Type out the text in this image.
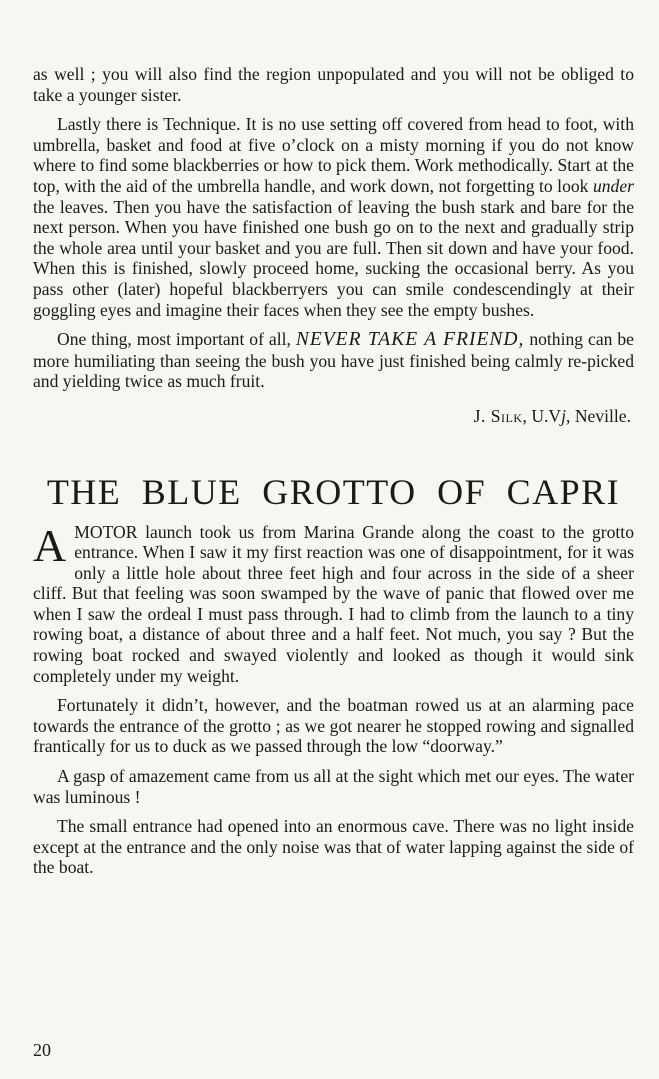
as well ; you will also find the region unpopulated and you will not be obliged to take a younger sister.

Lastly there is Technique. It is no use setting off covered from head to foot, with umbrella, basket and food at five o’clock on a misty morning if you do not know where to find some blackberries or how to pick them. Work methodically. Start at the top, with the aid of the umbrella handle, and work down, not forgetting to look under the leaves. Then you have the satisfaction of leaving the bush stark and bare for the next person. When you have finished one bush go on to the next and gradually strip the whole area until your basket and you are full. Then sit down and have your food. When this is finished, slowly proceed home, sucking the occasional berry. As you pass other (later) hopeful blackberryers you can smile condescendingly at their goggling eyes and imagine their faces when they see the empty bushes.

One thing, most important of all, NEVER TAKE A FRIEND, nothing can be more humiliating than seeing the bush you have just finished being calmly re-picked and yielding twice as much fruit.

J. Silk, U.Vj, Neville.

THE BLUE GROTTO OF CAPRI

AMOTOR launch took us from Marina Grande along the coast to the grotto entrance. When I saw it my first reaction was one of disappointment, for it was only a little hole about three feet high and four across in the side of a sheer cliff. But that feeling was soon swamped by the wave of panic that flowed over me when I saw the ordeal I must pass through. I had to climb from the launch to a tiny rowing boat, a distance of about three and a half feet. Not much, you say ? But the rowing boat rocked and swayed violently and looked as though it would sink completely under my weight.

Fortunately it didn’t, however, and the boatman rowed us at an alarming pace towards the entrance of the grotto ; as we got nearer he stopped rowing and signalled frantically for us to duck as we passed through the low “doorway.”

A gasp of amazement came from us all at the sight which met our eyes. The water was luminous !

The small entrance had opened into an enormous cave. There was no light inside except at the entrance and the only noise was that of water lapping against the side of the boat.

20
